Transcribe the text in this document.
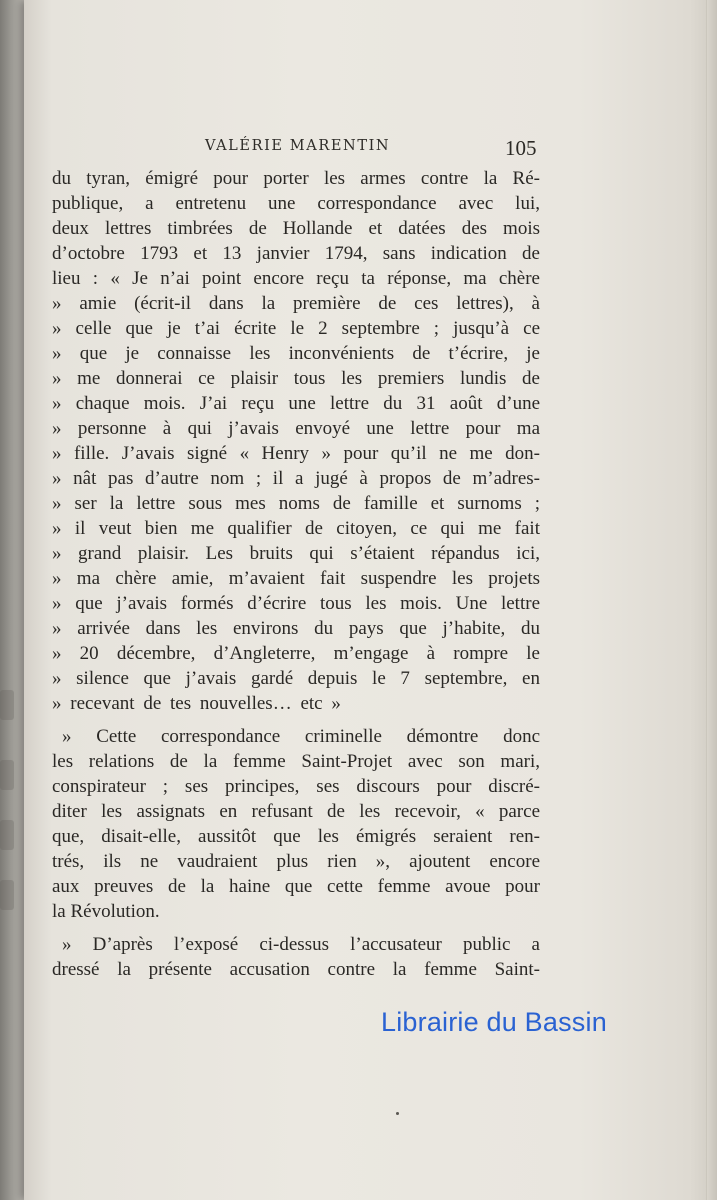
VALÉRIE MARENTIN	105
du tyran, émigré pour porter les armes contre la Ré-
publique, a entretenu une correspondance avec lui,
deux lettres timbrées de Hollande et datées des mois
d’octobre 1793 et 13 janvier 1794, sans indication de
lieu : « Je n’ai point encore reçu ta réponse, ma chère
» amie (écrit-il dans la première de ces lettres), à
» celle que je t’ai écrite le 2 septembre ; jusqu’à ce
» que je connaisse les inconvénients de t’écrire, je
» me donnerai ce plaisir tous les premiers lundis de
» chaque mois. J’ai reçu une lettre du 31 août d’une
» personne à qui j’avais envoyé une lettre pour ma
» fille. J’avais signé « Henry » pour qu’il ne me don-
» nât pas d’autre nom ; il a jugé à propos de m’adres-
» ser la lettre sous mes noms de famille et surnoms ;
» il veut bien me qualifier de citoyen, ce qui me fait
» grand plaisir. Les bruits qui s’étaient répandus ici,
» ma chère amie, m’avaient fait suspendre les projets
» que j’avais formés d’écrire tous les mois. Une lettre
» arrivée dans les environs du pays que j’habite, du
» 20 décembre, d’Angleterre, m’engage à rompre le
» silence que j’avais gardé depuis le 7 septembre, en
» recevant de tes nouvelles… etc »
» Cette correspondance criminelle démontre donc
les relations de la femme Saint-Projet avec son mari,
conspirateur ; ses principes, ses discours pour discré-
diter les assignats en refusant de les recevoir, « parce
que, disait-elle, aussitôt que les émigrés seraient ren-
trés, ils ne vaudraient plus rien », ajoutent encore
aux preuves de la haine que cette femme avoue pour
la Révolution.
» D’après l’exposé ci-dessus l’accusateur public a
dressé la présente accusation contre la femme Saint-
Librairie du Bassin
